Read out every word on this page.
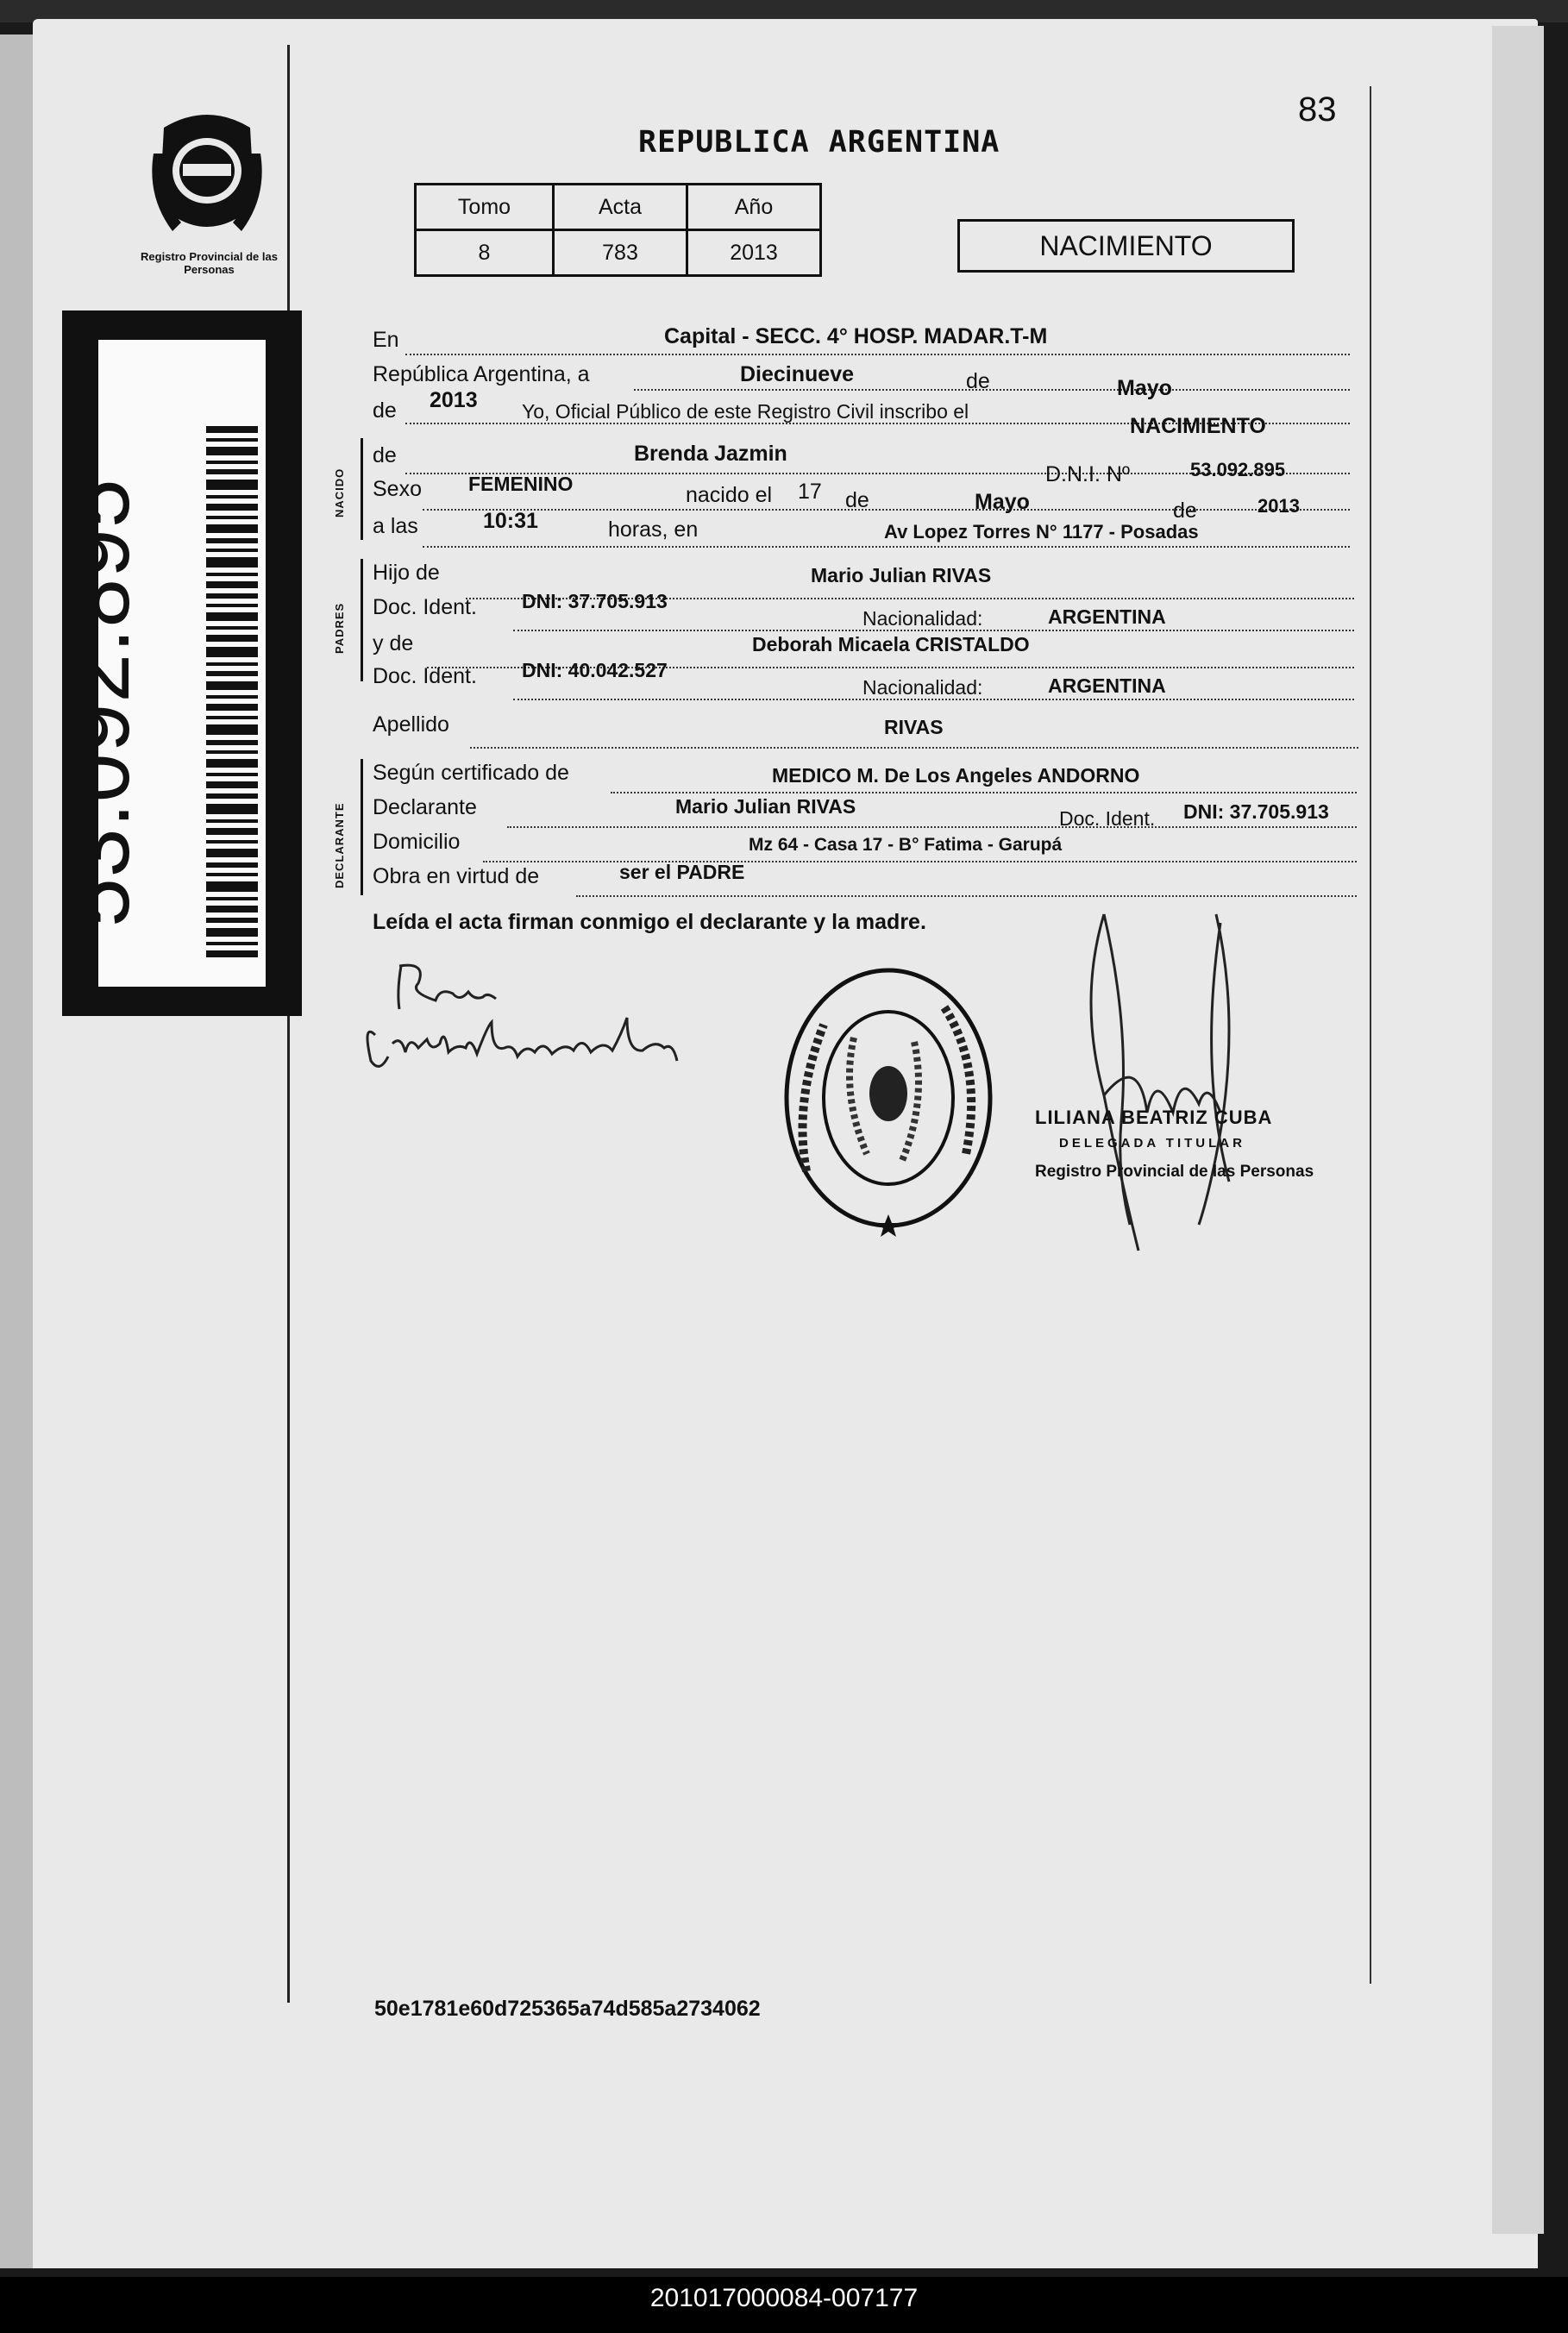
Registro Provincial de las Personas
53.092.895
83
REPUBLICA ARGENTINA
Tomo	Acta	Año
8	783	2013	NACIMIENTO
En	Capital - SECC. 4° HOSP. MADAR.T-M
República Argentina, a	Diecinueve	de	Mayo
de 2013 Yo, Oficial Público de este Registro Civil inscribo el
NACIMIENTO
NACIDO
de	Brenda Jazmin
D.N.I. Nº	53.092.895
Sexo FEMENINO	nacido el 17 de	Mayo	de	2013
a las	10:31	horas, en	Av Lopez Torres N° 1177 - Posadas
PADRES
Hijo de	Mario Julian RIVAS
Doc. Ident. DNI: 37.705.913
Nacionalidad:	ARGENTINA
y de	Deborah Micaela CRISTALDO
Doc. Ident. DNI: 40.042.527
Nacionalidad:	ARGENTINA
Apellido	RIVAS
DECLARANTE
Según certificado de	MEDICO M. De Los Angeles ANDORNO
Declarante	Mario Julian RIVAS
Doc. Ident. DNI: 37.705.913
Domicilio	Mz 64 - Casa 17 - B° Fatima - Garupá
Obra en virtud de	ser el PADRE
Leída el acta firman conmigo el declarante y la madre.
LILIANA BEATRIZ CUBA
DELEGADA TITULAR
Registro Provincial de las Personas
50e1781e60d725365a74d585a2734062
201017000084-007177
